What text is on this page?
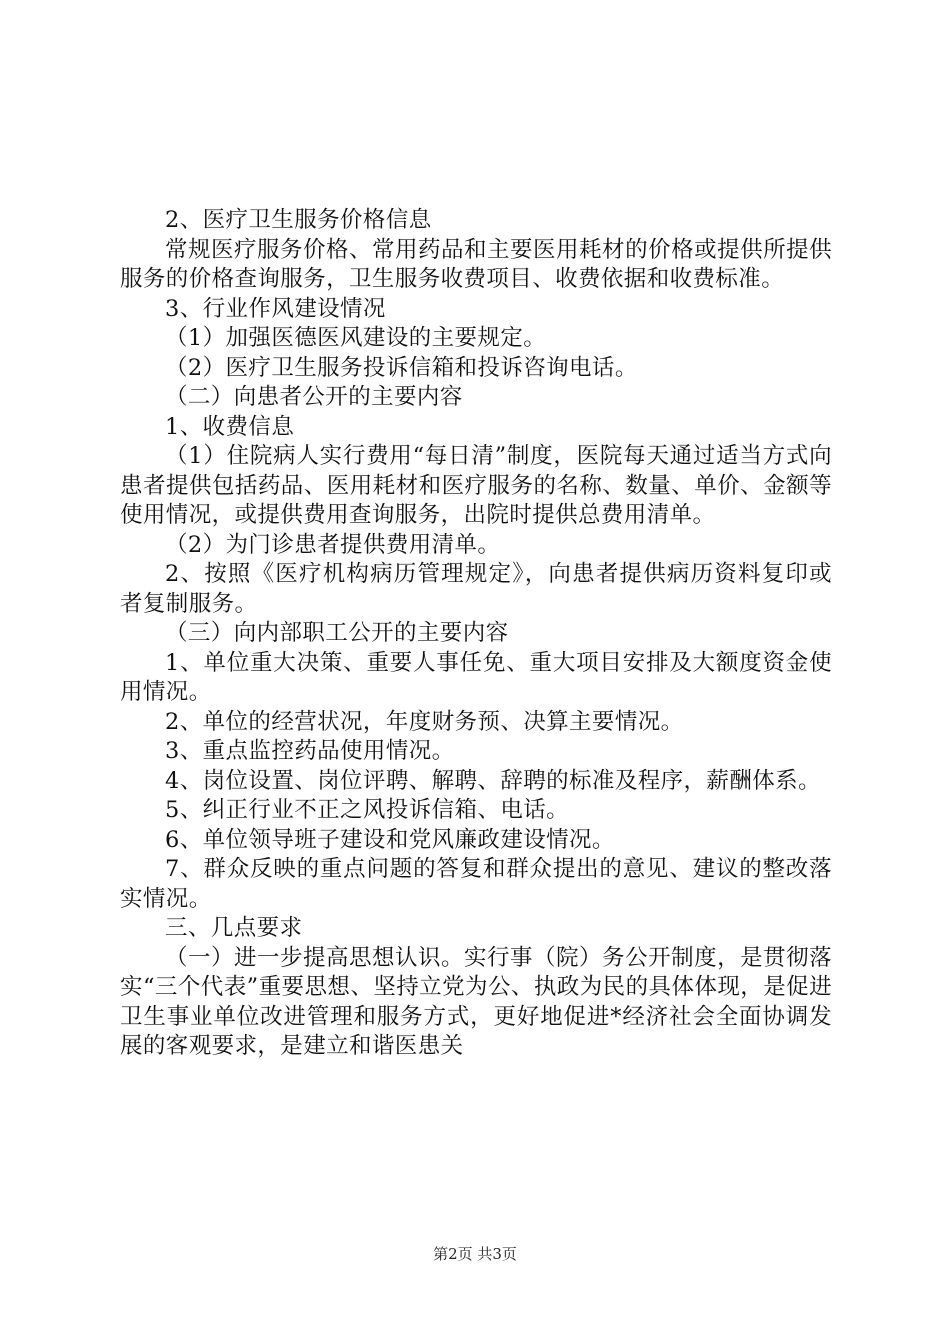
2、医疗卫生服务价格信息

常规医疗服务价格、常用药品和主要医用耗材的价格或提供所提供服务的价格查询服务，卫生服务收费项目、收费依据和收费标准。

3、行业作风建设情况

（1）加强医德医风建设的主要规定。

（2）医疗卫生服务投诉信箱和投诉咨询电话。

（二）向患者公开的主要内容

1、收费信息

（1）住院病人实行费用“每日清”制度，医院每天通过适当方式向患者提供包括药品、医用耗材和医疗服务的名称、数量、单价、金额等使用情况，或提供费用查询服务，出院时提供总费用清单。

（2）为门诊患者提供费用清单。

2、按照《医疗机构病历管理规定》，向患者提供病历资料复印或者复制服务。

（三）向内部职工公开的主要内容

1、单位重大决策、重要人事任免、重大项目安排及大额度资金使用情况。

2、单位的经营状况，年度财务预、决算主要情况。

3、重点监控药品使用情况。

4、岗位设置、岗位评聘、解聘、辞聘的标准及程序，薪酬体系。

5、纠正行业不正之风投诉信箱、电话。

6、单位领导班子建设和党风廉政建设情况。

7、群众反映的重点问题的答复和群众提出的意见、建议的整改落实情况。

三、几点要求

（一）进一步提高思想认识。实行事（院）务公开制度，是贯彻落实“三个代表”重要思想、坚持立党为公、执政为民的具体体现，是促进卫生事业单位改进管理和服务方式，更好地促进*经济社会全面协调发展的客观要求，是建立和谐医患关

第2页 共3页
